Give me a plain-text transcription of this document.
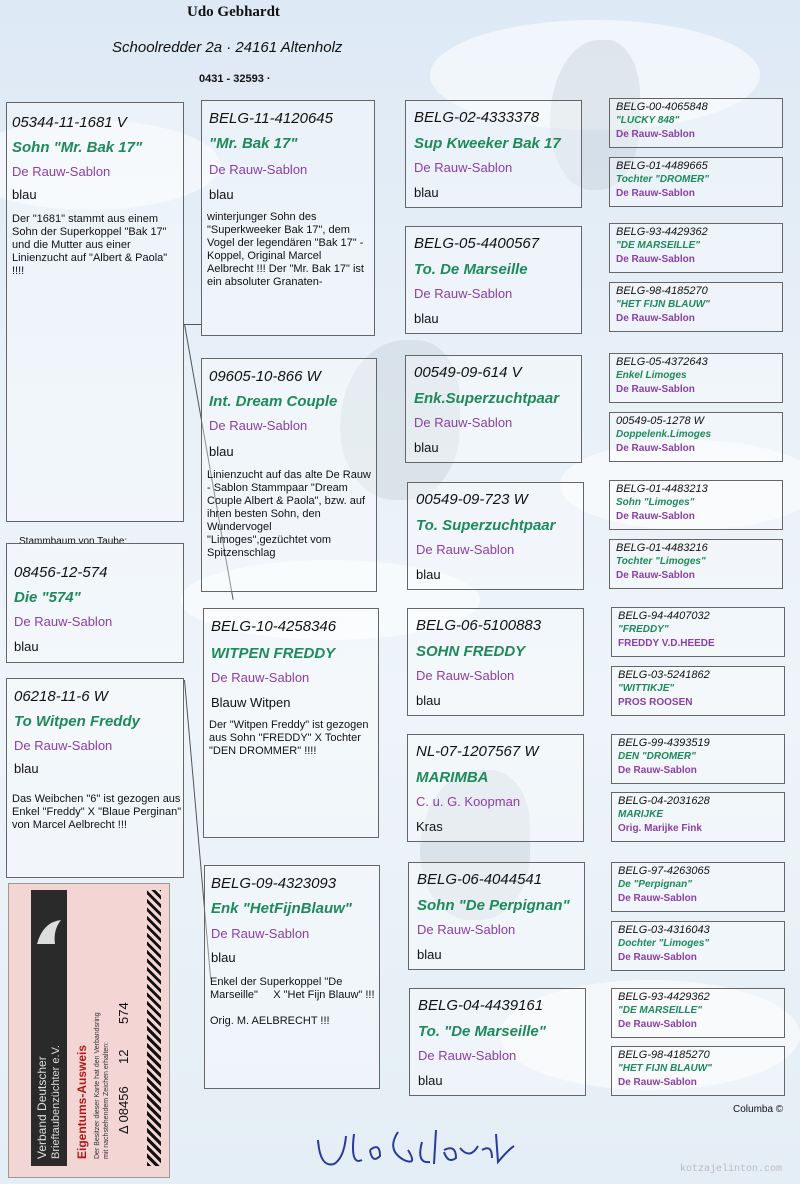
Udo Gebhardt
Schoolredder 2a · 24161 Altenholz
0431 - 32593 ·
05344-11-1681 V
Sohn "Mr. Bak 17"
De Rauw-Sablon
blau
Der "1681" stammt aus einem Sohn der Superkoppel "Bak 17" und die Mutter aus einer Linienzucht auf "Albert & Paola" !!!!
Stammbaum von Taube:
08456-12-574
Die "574"
De Rauw-Sablon
blau
06218-11-6 W
To Witpen Freddy
De Rauw-Sablon
blau
Das Weibchen "6" ist gezogen aus Enkel "Freddy" X "Blaue Perginan" von Marcel Aelbrecht !!!
BELG-11-4120645
"Mr. Bak 17"
De Rauw-Sablon
blau
winterjunger Sohn des "Superkweeker Bak 17", dem Vogel der legendären "Bak 17" - Koppel, Original Marcel Aelbrecht !!! Der "Mr. Bak 17" ist ein absoluter Granaten-
09605-10-866 W
Int. Dream Couple
De Rauw-Sablon
blau
Linienzucht auf das alte De Rauw - Sablon Stammpaar "Dream Couple Albert & Paola", bzw. auf ihren besten Sohn, den Wundervogel "Limoges",gezüchtet vom Spitzenschlag
BELG-10-4258346
WITPEN FREDDY
De Rauw-Sablon
Blauw Witpen
Der "Witpen Freddy" ist gezogen aus Sohn "FREDDY" X Tochter "DEN DROMMER" !!!!
BELG-09-4323093
Enk "HetFijnBlauw"
De Rauw-Sablon
blau
Enkel der Superkoppel "De Marseille"     X "Het Fijn Blauw" !!!

Orig. M. AELBRECHT !!!
BELG-02-4333378
Sup Kweeker Bak 17
De Rauw-Sablon
blau
BELG-05-4400567
To. De Marseille
De Rauw-Sablon
blau
00549-09-614 V
Enk.Superzuchtpaar
De Rauw-Sablon
blau
00549-09-723 W
To. Superzuchtpaar
De Rauw-Sablon
blau
BELG-06-5100883
SOHN FREDDY
De Rauw-Sablon
blau
NL-07-1207567 W
MARIMBA
C. u. G. Koopman
Kras
BELG-06-4044541
Sohn "De Perpignan"
De Rauw-Sablon
blau
BELG-04-4439161
To. "De Marseille"
De Rauw-Sablon
blau
BELG-00-4065848
"LUCKY 848"
De Rauw-Sablon
BELG-01-4489665
Tochter "DROMER"
De Rauw-Sablon
BELG-93-4429362
"DE MARSEILLE"
De Rauw-Sablon
BELG-98-4185270
"HET FIJN BLAUW"
De Rauw-Sablon
BELG-05-4372643
Enkel Limoges
De Rauw-Sablon
00549-05-1278 W
Doppelenk.Limoges
De Rauw-Sablon
BELG-01-4483213
Sohn "Limoges"
De Rauw-Sablon
BELG-01-4483216
Tochter "Limoges"
De Rauw-Sablon
BELG-94-4407032
"FREDDY"
FREDDY V.D.HEEDE
BELG-03-5241862
"WITTIKJE"
PROS ROOSEN
BELG-99-4393519
DEN "DROMER"
De Rauw-Sablon
BELG-04-2031628
MARIJKE
Orig. Marijke Fink
BELG-97-4263065
De "Perpignan"
De Rauw-Sablon
BELG-03-4316043
Dochter "Limoges"
De Rauw-Sablon
BELG-93-4429362
"DE MARSEILLE"
De Rauw-Sablon
BELG-98-4185270
"HET FIJN BLAUW"
De Rauw-Sablon
Verband Deutscher Brieftaubenzüchter e.V. Eigentums-Ausweis Der Besitzer dieser Karte hat den Verbandsring mit nachstehendem Zeichen erhalten: Δ 08456
12
574
Columba ©
kotzajelinton.com
